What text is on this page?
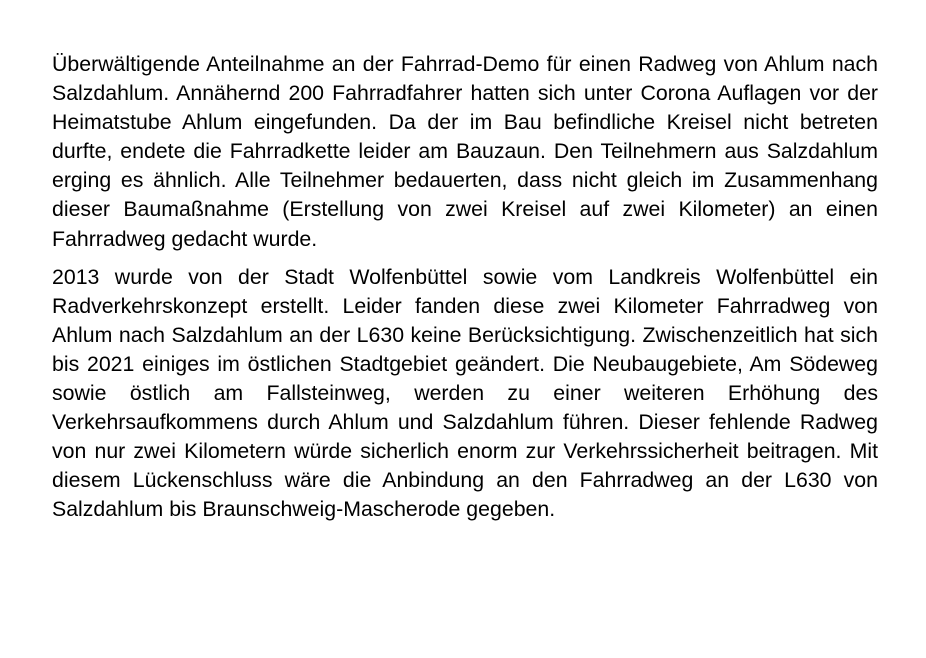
Überwältigende Anteilnahme an der Fahrrad-Demo für einen Radweg von Ahlum nach Salzdahlum. Annähernd 200 Fahrradfahrer hatten sich unter Corona Auflagen vor der Heimatstube Ahlum eingefunden. Da der im Bau befindliche Kreisel nicht betreten durfte, endete die Fahrradkette leider am Bauzaun. Den Teilnehmern aus Salzdahlum erging es ähnlich. Alle Teilnehmer bedauerten, dass nicht gleich im Zusammenhang dieser Baumaßnahme (Erstellung von zwei Kreisel auf zwei Kilometer) an einen Fahrradweg gedacht wurde.

2013 wurde von der Stadt Wolfenbüttel sowie vom Landkreis Wolfenbüttel ein Radverkehrskonzept erstellt. Leider fanden diese zwei Kilometer Fahrradweg von Ahlum nach Salzdahlum an der L630 keine Berücksichtigung. Zwischenzeitlich hat sich bis 2021 einiges im östlichen Stadtgebiet geändert. Die Neubaugebiete, Am Södeweg sowie östlich am Fallsteinweg, werden zu einer weiteren Erhöhung des Verkehrsaufkommens durch Ahlum und Salzdahlum führen. Dieser fehlende Radweg von nur zwei Kilometern würde sicherlich enorm zur Verkehrssicherheit beitragen. Mit diesem Lückenschluss wäre die Anbindung an den Fahrradweg an der L630 von Salzdahlum bis Braunschweig-Mascherode gegeben.
